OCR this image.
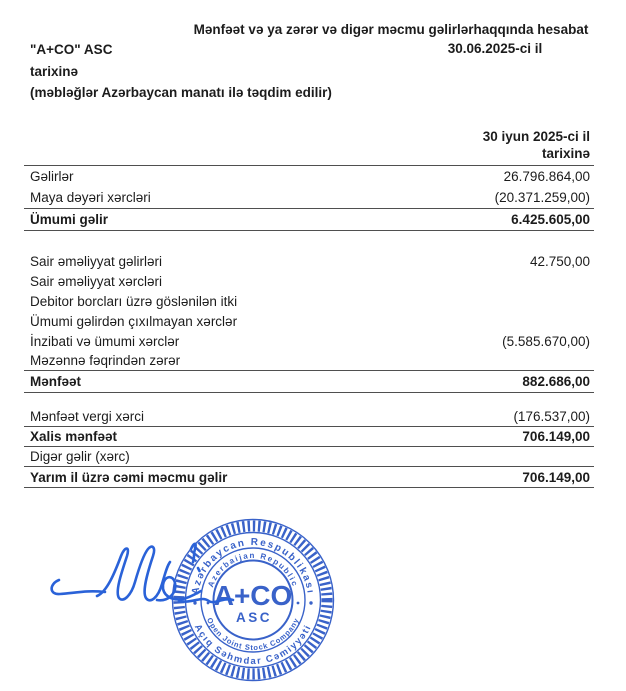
Mənfəət və ya zərər və digər məcmu gəlirlərhaqqında hesabat
30.06.2025-ci il
"A+CO" ASC
tarixinə
(məbləğlər Azərbaycan manatı ilə təqdim edilir)
30 iyun 2025-ci il
tarixinə
Gəlirlər	26.796.864,00
Maya dəyəri xərcləri	(20.371.259,00)
Ümumi gəlir	6.425.605,00
Sair əməliyyat gəlirləri	42.750,00
Sair əməliyyat xərcləri
Debitor borcları üzrə göslənilən itki
Ümumi gəlirdən çıxılmayan xərclər
İnzibati və ümumi xərclər	(5.585.670,00)
Məzənnə fəqrindən zərər
Mənfəət	882.686,00
Mənfəət vergi xərci	(176.537,00)
Xalis mənfəət	706.149,00
Digər gəlir (xərc)
Yarım il üzrə cəmi məcmu gəlir	706.149,00
Azərbaycan Respublikası
Açıq Səhmdar Cəmiyyəti
Azerbaijan Republic
Open Joint Stock Company
A+CO
ASC
